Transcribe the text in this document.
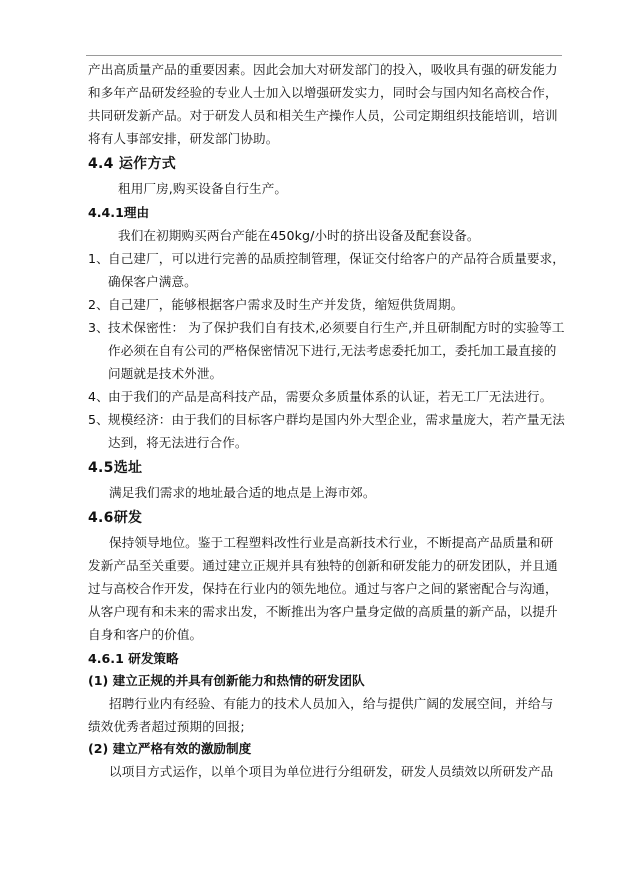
产出高质量产品的重要因素。因此会加大对研发部门的投入，吸收具有强的研发能力

和多年产品研发经验的专业人士加入以增强研发实力，同时会与国内知名高校合作，

共同研发新产品。对于研发人员和相关生产操作人员，公司定期组织技能培训，培训

将有人事部安排，研发部门协助。

4.4 运作方式

租用厂房,购买设备自行生产。

4.4.1理由

我们在初期购买两台产能在450kg/小时的挤出设备及配套设备。

1、自己建厂，可以进行完善的品质控制管理，保证交付给客户的产品符合质量要求，

确保客户满意。

2、自己建厂，能够根据客户需求及时生产并发货，缩短供货周期。

3、技术保密性： 为了保护我们自有技术,必须要自行生产,并且研制配方时的实验等工

作必须在自有公司的严格保密情况下进行,无法考虑委托加工，委托加工最直接的

问题就是技术外泄。

4、由于我们的产品是高科技产品，需要众多质量体系的认证，若无工厂无法进行。

5、规模经济：由于我们的目标客户群均是国内外大型企业，需求量庞大，若产量无法

达到，将无法进行合作。

4.5选址

满足我们需求的地址最合适的地点是上海市郊。

4.6研发

保持领导地位。鉴于工程塑料改性行业是高新技术行业，不断提高产品质量和研

发新产品至关重要。通过建立正规并具有独特的创新和研发能力的研发团队，并且通

过与高校合作开发，保持在行业内的领先地位。通过与客户之间的紧密配合与沟通，

从客户现有和未来的需求出发，不断推出为客户量身定做的高质量的新产品，以提升

自身和客户的价值。

4.6.1 研发策略
(1) 建立正规的并具有创新能力和热情的研发团队

招聘行业内有经验、有能力的技术人员加入，给与提供广阔的发展空间，并给与

绩效优秀者超过预期的回报;

(2) 建立严格有效的激励制度

以项目方式运作，以单个项目为单位进行分组研发，研发人员绩效以所研发产品
